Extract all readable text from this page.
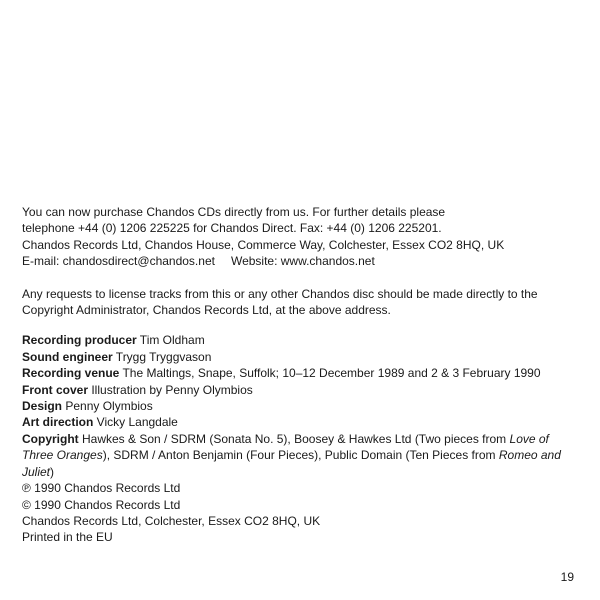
You can now purchase Chandos CDs directly from us. For further details please

telephone +44 (0) 1206 225225 for Chandos Direct. Fax: +44 (0) 1206 225201.

Chandos Records Ltd, Chandos House, Commerce Way, Colchester, Essex CO2 8HQ, UK

E-mail: chandosdirect@chandos.net Website: www.chandos.net

Any requests to license tracks from this or any other Chandos disc should be made directly to the

Copyright Administrator, Chandos Records Ltd, at the above address.

Recording producer Tim Oldham

Sound engineer Trygg Tryggvason

Recording venue The Maltings, Snape, Suffolk; 10–12 December 1989 and 2 & 3 February 1990

Front cover Illustration by Penny Olymbios

Design Penny Olymbios

Art direction Vicky Langdale

Copyright Hawkes & Son / SDRM (Sonata No. 5), Boosey & Hawkes Ltd (Two pieces from Love of Three Oranges), SDRM / Anton Benjamin (Four Pieces), Public Domain (Ten Pieces from Romeo and Juliet)

℗ 1990 Chandos Records Ltd

© 1990 Chandos Records Ltd

Chandos Records Ltd, Colchester, Essex CO2 8HQ, UK

Printed in the EU

19
